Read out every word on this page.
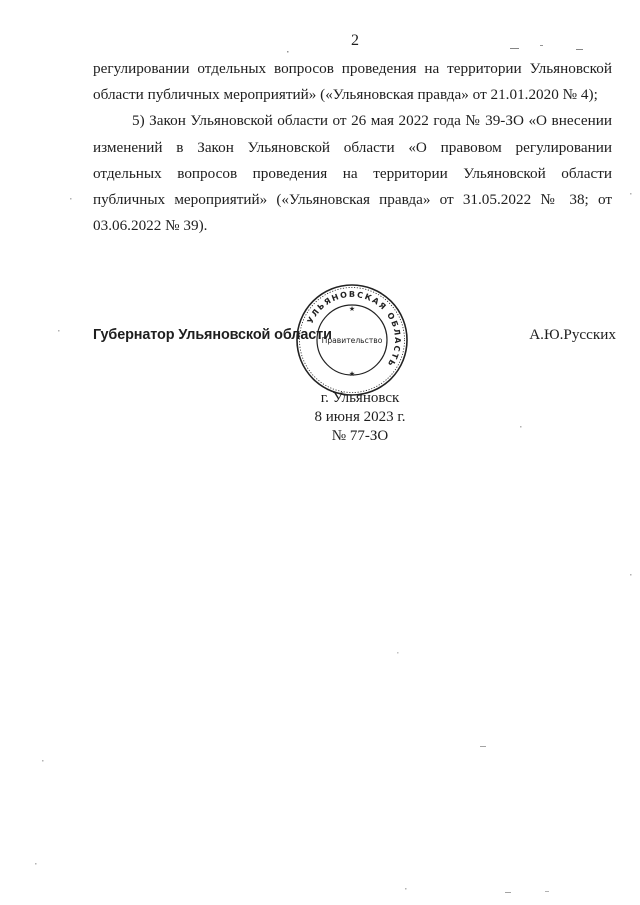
2

регулировании отдельных вопросов проведения на территории Ульяновской области публичных мероприятий» («Ульяновская правда» от 21.01.2020 № 4);

5) Закон Ульяновской области от 26 мая 2022 года № 39-ЗО «О внесении изменений в Закон Ульяновской области «О правовом регулировании отдельных вопросов проведения на территории Ульяновской области публичных мероприятий» («Ульяновская правда» от 31.05.2022 № 38; от 03.06.2022 № 39).

Губернатор Ульяновской области	А.Ю.Русских
УЛЬЯНОВСКАЯ ОБЛАСТЬ
Правительство
★
★
г. Ульяновск
8 июня 2023 г.
№ 77-ЗО
